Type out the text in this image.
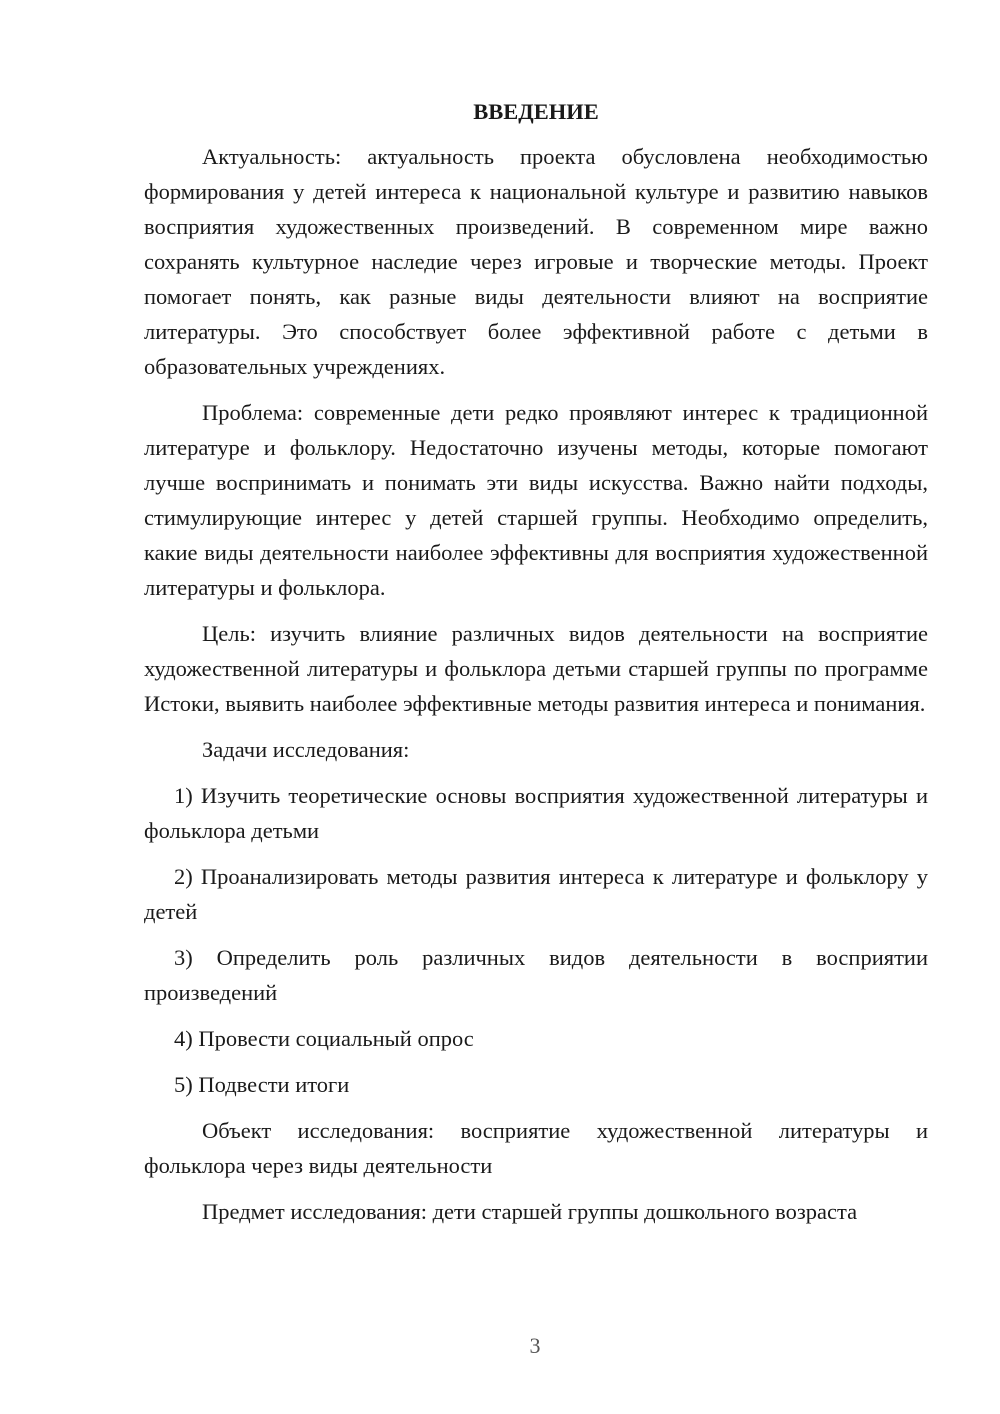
ВВЕДЕНИЕ

Актуальность: актуальность проекта обусловлена необходимостью формирования у детей интереса к национальной культуре и развитию навыков восприятия художественных произведений. В современном мире важно сохранять культурное наследие через игровые и творческие методы. Проект помогает понять, как разные виды деятельности влияют на восприятие литературы. Это способствует более эффективной работе с детьми в образовательных учреждениях.

Проблема: современные дети редко проявляют интерес к традиционной литературе и фольклору. Недостаточно изучены методы, которые помогают лучше воспринимать и понимать эти виды искусства. Важно найти подходы, стимулирующие интерес у детей старшей группы. Необходимо определить, какие виды деятельности наиболее эффективны для восприятия художественной литературы и фольклора.

Цель: изучить влияние различных видов деятельности на восприятие художественной литературы и фольклора детьми старшей группы по программе Истоки, выявить наиболее эффективные методы развития интереса и понимания.

Задачи исследования:

1) Изучить теоретические основы восприятия художественной литературы и фольклора детьми

2) Проанализировать методы развития интереса к литературе и фольклору у детей

3) Определить роль различных видов деятельности в восприятии произведений

4) Провести социальный опрос

5) Подвести итоги

Объект исследования: восприятие художественной литературы и фольклора через виды деятельности

Предмет исследования: дети старшей группы дошкольного возраста

3
